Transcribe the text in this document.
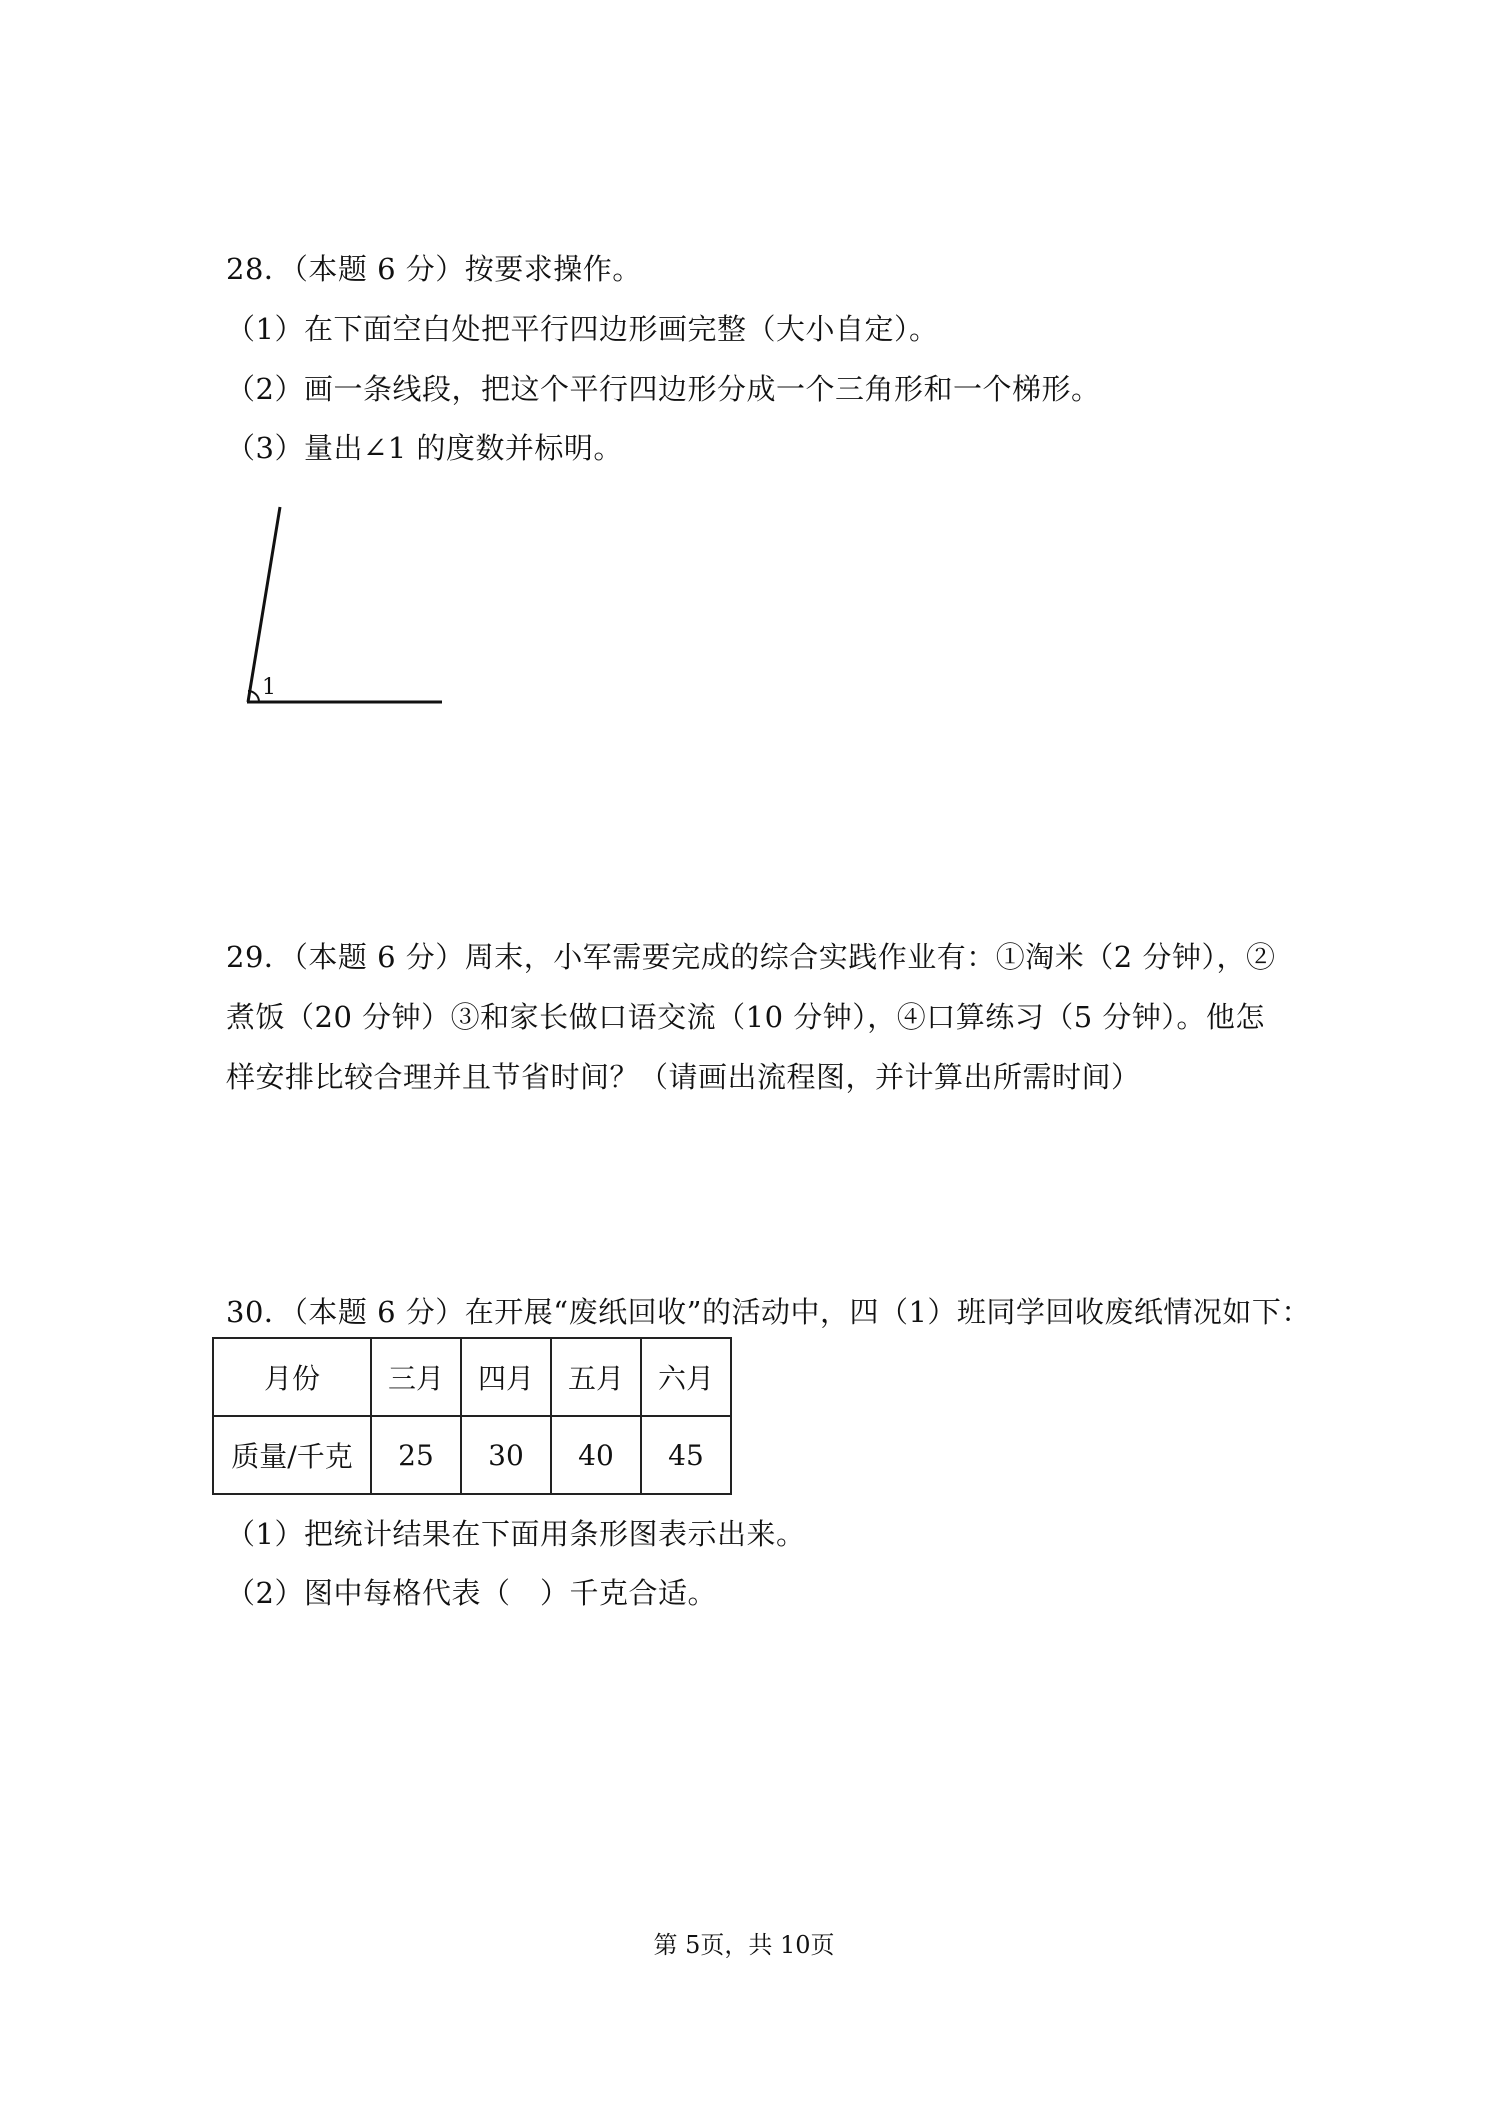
28．（本题 6 分）按要求操作。
（1）在下面空白处把平行四边形画完整（大小自定）。
（2）画一条线段，把这个平行四边形分成一个三角形和一个梯形。
（3）量出∠1 的度数并标明。
1
29．（本题 6 分）周末，小军需要完成的综合实践作业有：①淘米（2 分钟），②
煮饭（20 分钟）③和家长做口语交流（10 分钟），④口算练习（5 分钟）。他怎
样安排比较合理并且节省时间？（请画出流程图，并计算出所需时间）
30．（本题 6 分）在开展“废纸回收”的活动中，四（1）班同学回收废纸情况如下：
月份	三月	四月	五月	六月
质量/千克	25	30	40	45
（1）把统计结果在下面用条形图表示出来。
（2）图中每格代表（　）千克合适。
第 5页，共 10页
